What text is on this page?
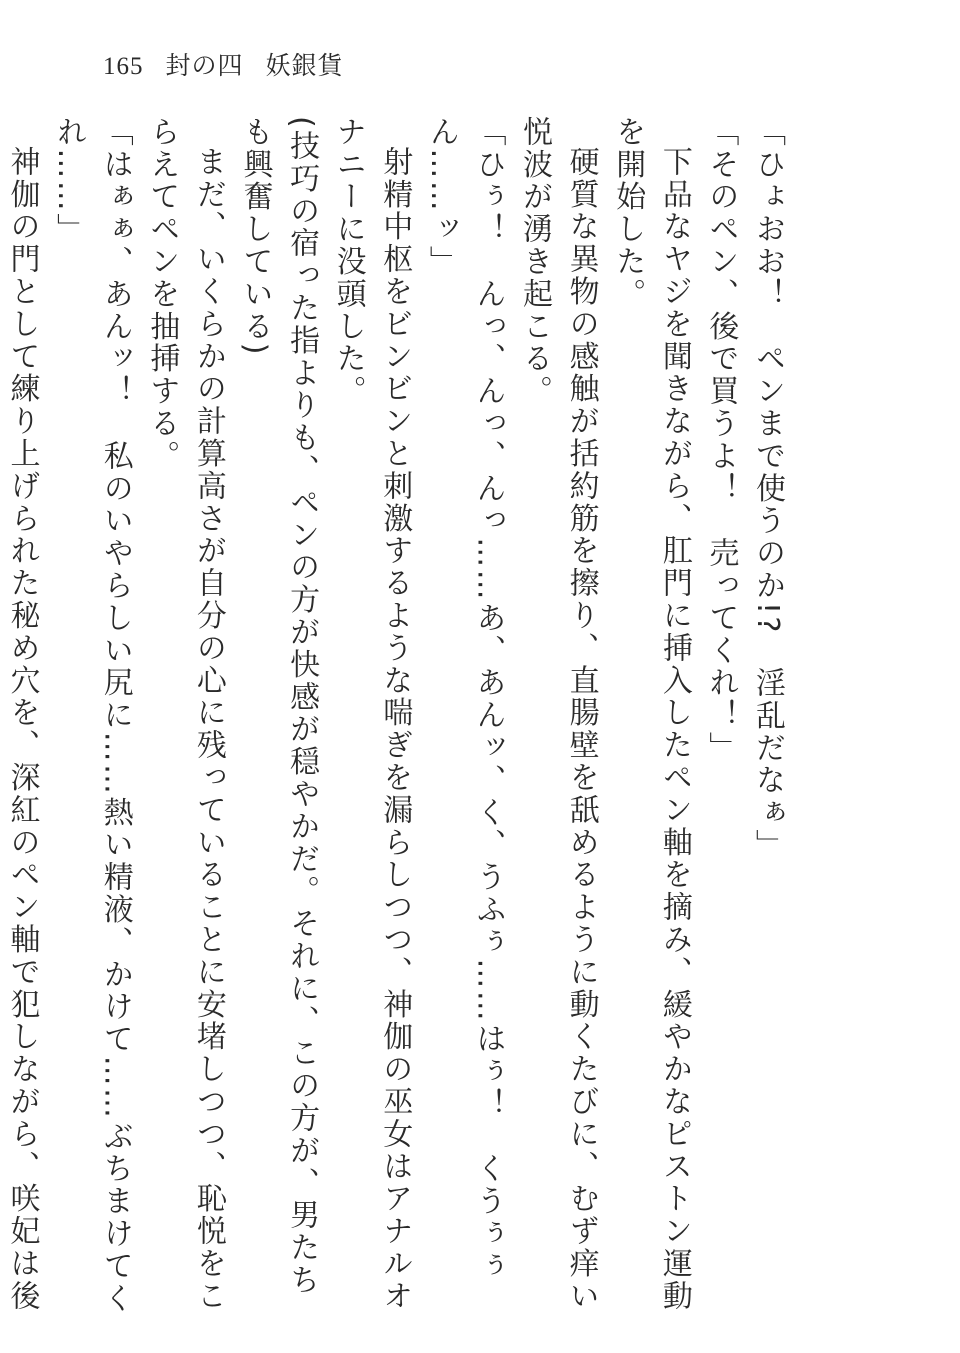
165 封の四 妖銀貨

「ひょおお！　ペンまで使うのか!?　淫乱だなぁ」

「そのペン、後で買うよ！　売ってくれ！」

下品なヤジを聞きながら、肛門に挿入したペン軸を摘み、緩やかなピストン運動を開始した。

硬質な異物の感触が括約筋を擦り、直腸壁を舐めるように動くたびに、むず痒い悦波が湧き起こる。

「ひぅ！　んっ、んっ、んっ……あ、あんッ、く、うふぅ……はぅ！　くうぅぅん……ッ」

射精中枢をビンビンと刺激するような喘ぎを漏らしつつ、神伽の巫女はアナルオナニーに没頭した。

(技巧の宿った指よりも、ペンの方が快感が穏やかだ。それに、この方が、男たちも興奮している)

まだ、いくらかの計算高さが自分の心に残っていることに安堵しつつ、恥悦をこらえてペンを抽挿する。

「はぁぁ、あんッ！　私のいやらしい尻に……熱い精液、かけて……ぶちまけてくれ……」

神伽の門として練り上げられた秘め穴を、深紅のペン軸で犯しながら、咲妃は後
